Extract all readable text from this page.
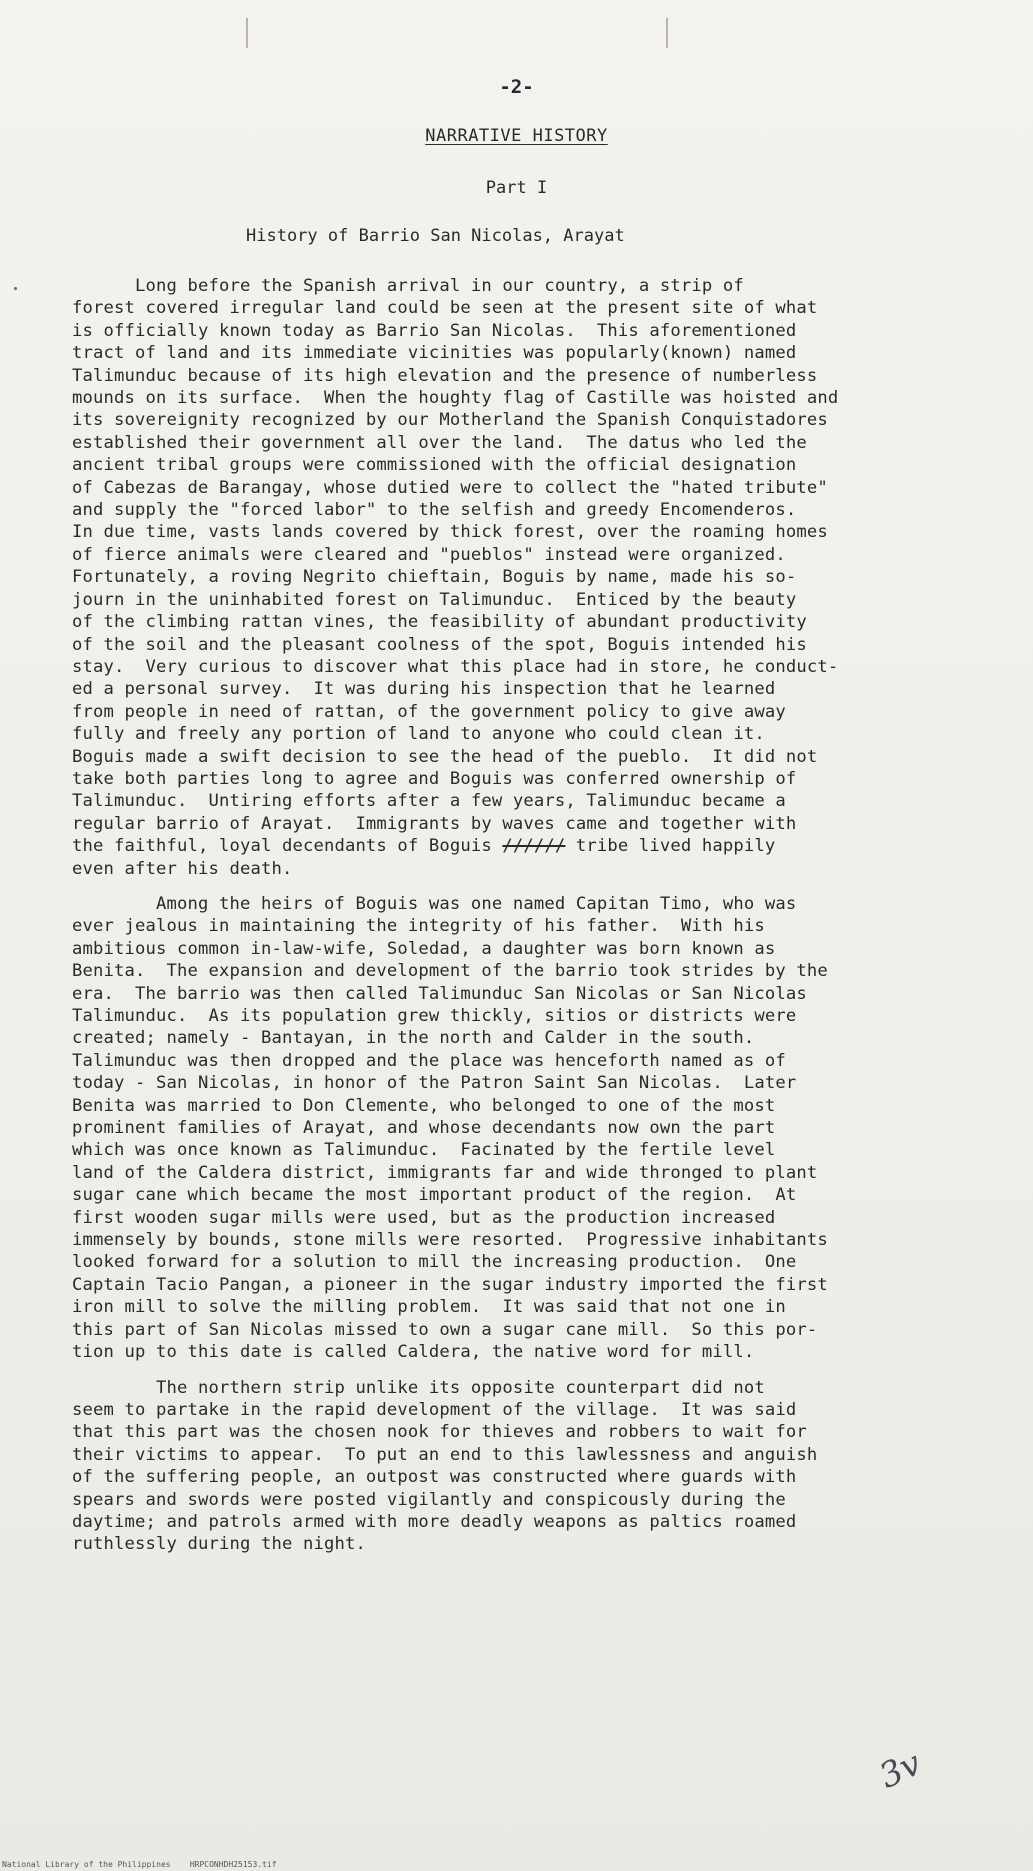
-2-
NARRATIVE HISTORY
Part I
History of Barrio San Nicolas, Arayat
Long before the Spanish arrival in our country, a strip of
forest covered irregular land could be seen at the present site of what
is officially known today as Barrio San Nicolas.  This aforementioned
tract of land and its immediate vicinities was popularly(known) named
Talimunduc because of its high elevation and the presence of numberless
mounds on its surface.  When the houghty flag of Castille was hoisted and
its sovereignity recognized by our Motherland the Spanish Conquistadores
established their government all over the land.  The datus who led the
ancient tribal groups were commissioned with the official designation
of Cabezas de Barangay, whose dutied were to collect the "hated tribute"
and supply the "forced labor" to the selfish and greedy Encomenderos.
In due time, vasts lands covered by thick forest, over the roaming homes
of fierce animals were cleared and "pueblos" instead were organized.
Fortunately, a roving Negrito chieftain, Boguis by name, made his so-
journ in the uninhabited forest on Talimunduc.  Enticed by the beauty
of the climbing rattan vines, the feasibility of abundant productivity
of the soil and the pleasant coolness of the spot, Boguis intended his
stay.  Very curious to discover what this place had in store, he conduct-
ed a personal survey.  It was during his inspection that he learned
from people in need of rattan, of the government policy to give away
fully and freely any portion of land to anyone who could clean it.
Boguis made a swift decision to see the head of the pueblo.  It did not
take both parties long to agree and Boguis was conferred ownership of
Talimunduc.  Untiring efforts after a few years, Talimunduc became a
regular barrio of Arayat.  Immigrants by waves came and together with
the faithful, loyal decendants of Boguis ////// tribe lived happily
even after his death.
Among the heirs of Boguis was one named Capitan Timo, who was
ever jealous in maintaining the integrity of his father.  With his
ambitious common in-law-wife, Soledad, a daughter was born known as
Benita.  The expansion and development of the barrio took strides by the
era.  The barrio was then called Talimunduc San Nicolas or San Nicolas
Talimunduc.  As its population grew thickly, sitios or districts were
created; namely - Bantayan, in the north and Calder in the south.
Talimunduc was then dropped and the place was henceforth named as of
today - San Nicolas, in honor of the Patron Saint San Nicolas.  Later
Benita was married to Don Clemente, who belonged to one of the most
prominent families of Arayat, and whose decendants now own the part
which was once known as Talimunduc.  Facinated by the fertile level
land of the Caldera district, immigrants far and wide thronged to plant
sugar cane which became the most important product of the region.  At
first wooden sugar mills were used, but as the production increased
immensely by bounds, stone mills were resorted.  Progressive inhabitants
looked forward for a solution to mill the increasing production.  One
Captain Tacio Pangan, a pioneer in the sugar industry imported the first
iron mill to solve the milling problem.  It was said that not one in
this part of San Nicolas missed to own a sugar cane mill.  So this por-
tion up to this date is called Caldera, the native word for mill.
The northern strip unlike its opposite counterpart did not
seem to partake in the rapid development of the village.  It was said
that this part was the chosen nook for thieves and robbers to wait for
their victims to appear.  To put an end to this lawlessness and anguish
of the suffering people, an outpost was constructed where guards with
spears and swords were posted vigilantly and conspicously during the
daytime; and patrols armed with more deadly weapons as paltics roamed
ruthlessly during the night.
3v
National Library of the Philippines    HRPCONHDH25153.tif
